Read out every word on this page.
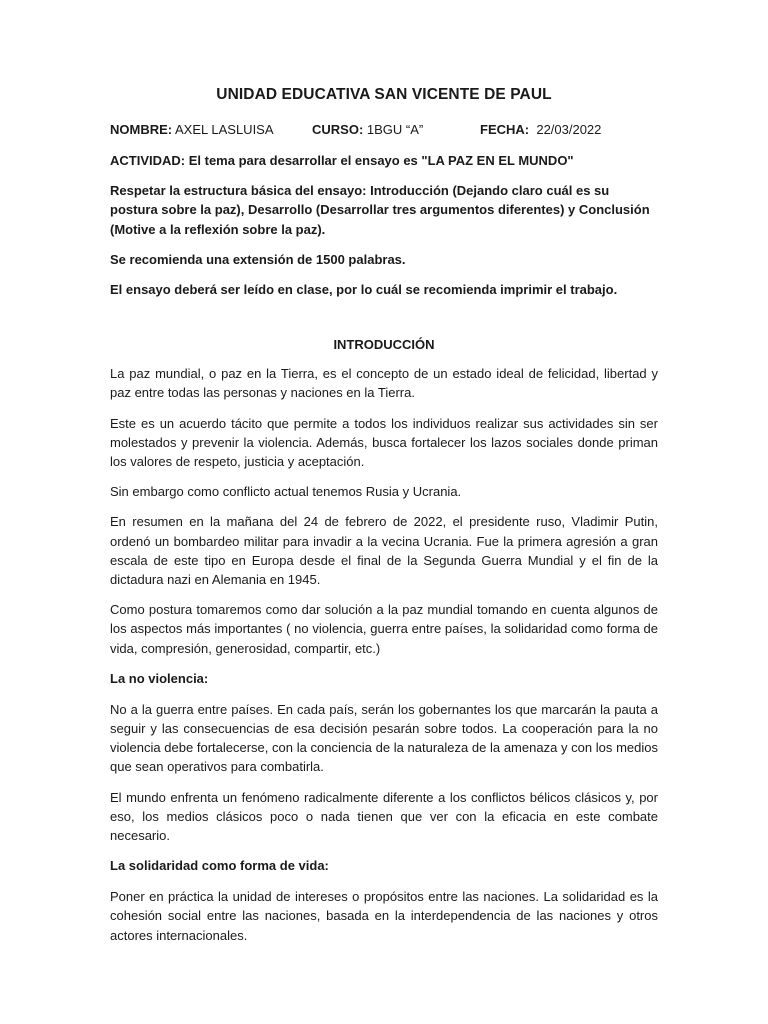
UNIDAD EDUCATIVA SAN VICENTE DE PAUL
NOMBRE: AXEL LASLUISA	CURSO: 1BGU “A”	FECHA:  22/03/2022

ACTIVIDAD: El tema para desarrollar el ensayo es "LA PAZ EN EL MUNDO"

Respetar la estructura básica del ensayo: Introducción (Dejando claro cuál es su postura sobre la paz), Desarrollo (Desarrollar tres argumentos diferentes) y Conclusión (Motive a la reflexión sobre la paz).

Se recomienda una extensión de 1500 palabras.

El ensayo deberá ser leído en clase, por lo cuál se recomienda imprimir el trabajo.

INTRODUCCIÓN

La paz mundial, o paz en la Tierra, es el concepto de un estado ideal de felicidad, libertad y paz entre todas las personas y naciones en la Tierra.

Este es un acuerdo tácito que permite a todos los individuos realizar sus actividades sin ser molestados y prevenir la violencia. Además, busca fortalecer los lazos sociales donde priman los valores de respeto, justicia y aceptación.

Sin embargo como conflicto actual tenemos Rusia y Ucrania.

En resumen en la mañana del 24 de febrero de 2022, el presidente ruso, Vladimir Putin, ordenó un bombardeo militar para invadir a la vecina Ucrania. Fue la primera agresión a gran escala de este tipo en Europa desde el final de la Segunda Guerra Mundial y el fin de la dictadura nazi en Alemania en 1945.

Como postura tomaremos como dar solución a la paz mundial tomando en cuenta algunos de los aspectos más importantes ( no violencia, guerra entre países, la solidaridad como forma de vida, compresión, generosidad, compartir, etc.)

La no violencia:

No a la guerra entre países. En cada país, serán los gobernantes los que marcarán la pauta a seguir y las consecuencias de esa decisión pesarán sobre todos. La cooperación para la no violencia debe fortalecerse, con la conciencia de la naturaleza de la amenaza y con los medios que sean operativos para combatirla.

El mundo enfrenta un fenómeno radicalmente diferente a los conflictos bélicos clásicos y, por eso, los medios clásicos poco o nada tienen que ver con la eficacia en este combate necesario.

La solidaridad como forma de vida:

Poner en práctica la unidad de intereses o propósitos entre las naciones. La solidaridad es la cohesión social entre las naciones, basada en la interdependencia de las naciones y otros actores internacionales.
